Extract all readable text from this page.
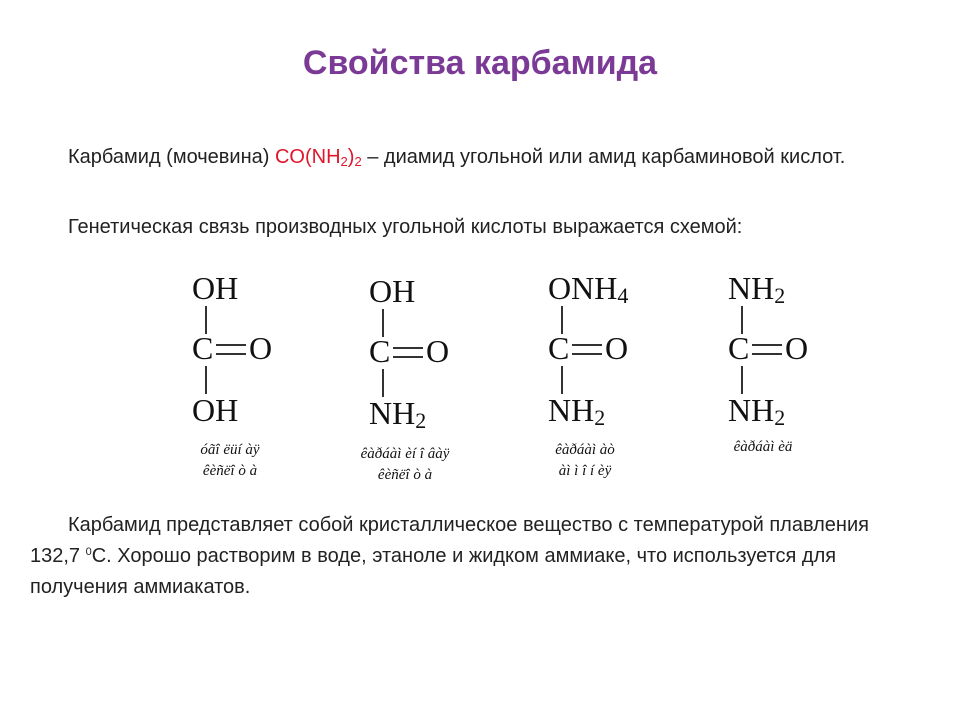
Свойства карбамида
Карбамид (мочевина) $CO(NH_2)_2$ – диамид угольной или амид карбаминовой кислот.
Генетическая связь производных угольной кислоты выражается схемой:
OH
C O
OH
óãî ëüí àÿ
êèñëî ò à
OH
C O
$NH_2$
êàðáàì èí î âàÿ
êèñëî ò à
$ONH_4$
C O
$NH_2$
êàðáàì àò
àì ì î í èÿ
$NH_2$
C O
$NH_2$
êàðáàì èä
Карбамид представляет собой кристаллическое вещество с температурой плавления 132,7 $^0$С. Хорошо растворим в воде, этаноле и жидком аммиаке, что используется для получения аммиакатов.
